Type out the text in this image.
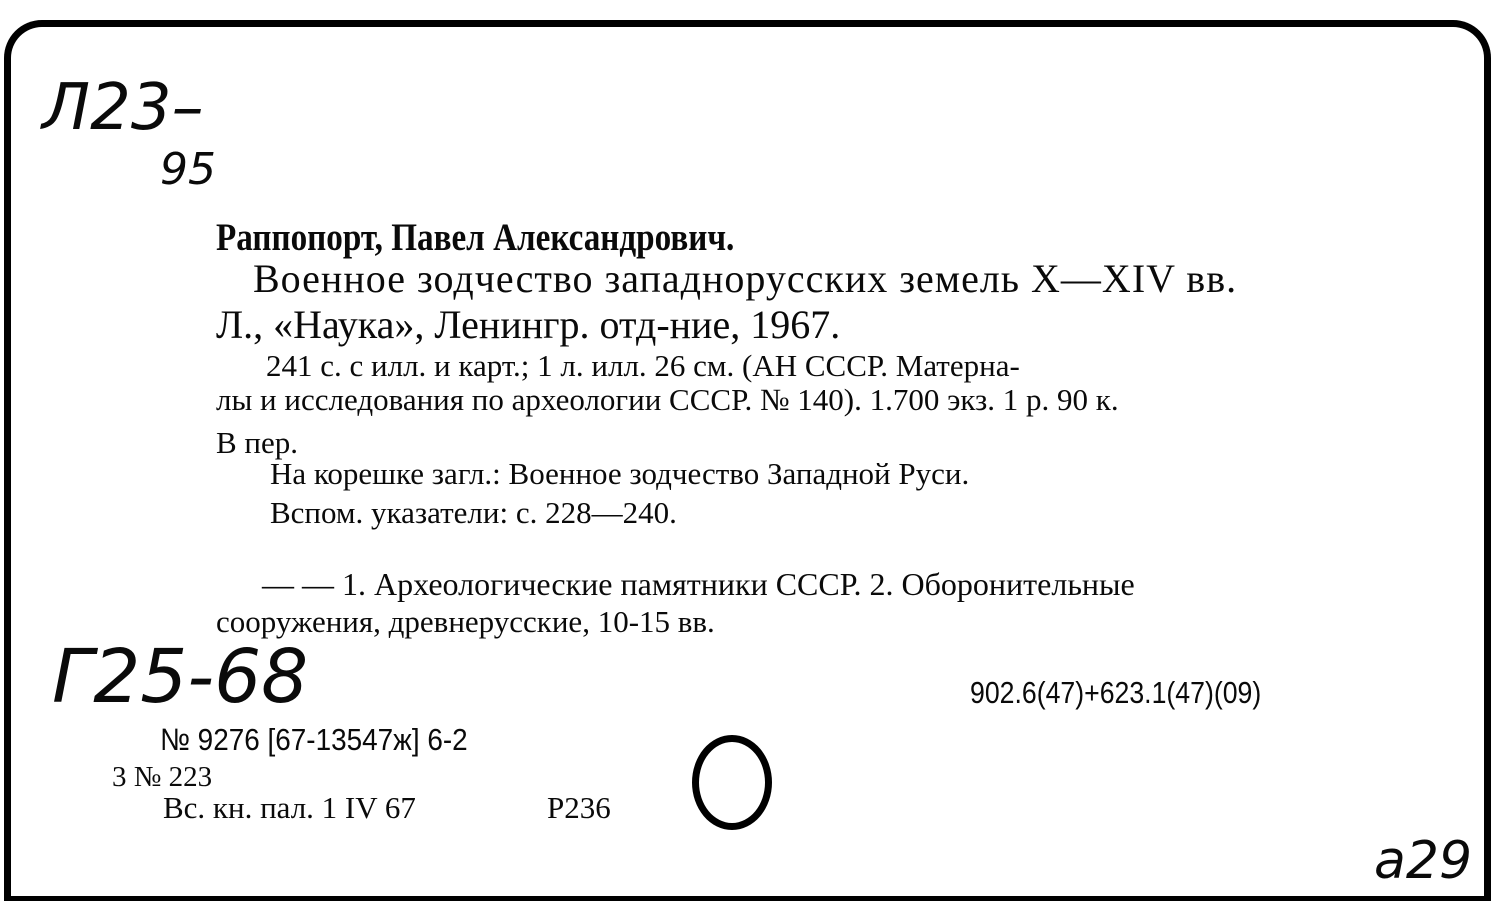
Л23–
95
Раппопорт, Павел Александрович.
Военное зодчество западнорусских земель X—XIV вв.
Л., «Наука», Ленингр. отд-ние, 1967.
241 с. с илл. и карт.; 1 л. илл. 26 см. (АН СССР. Матерна-
лы и исследования по археологии СССР. № 140). 1.700 экз. 1 р. 90 к.
В пер.
На корешке загл.: Военное зодчество Западной Руси.
Вспом. указатели: с. 228—240.
— — 1. Археологические памятники СССР. 2. Оборонительные
сооружения, древнерусские, 10-15 вв.
Г25-68	902.6(47)+623.1(47)(09)
№ 9276 [67-13547ж] 6-2
3 № 223
Вс. кн. пал. 1 IV 67	Р236
а29
